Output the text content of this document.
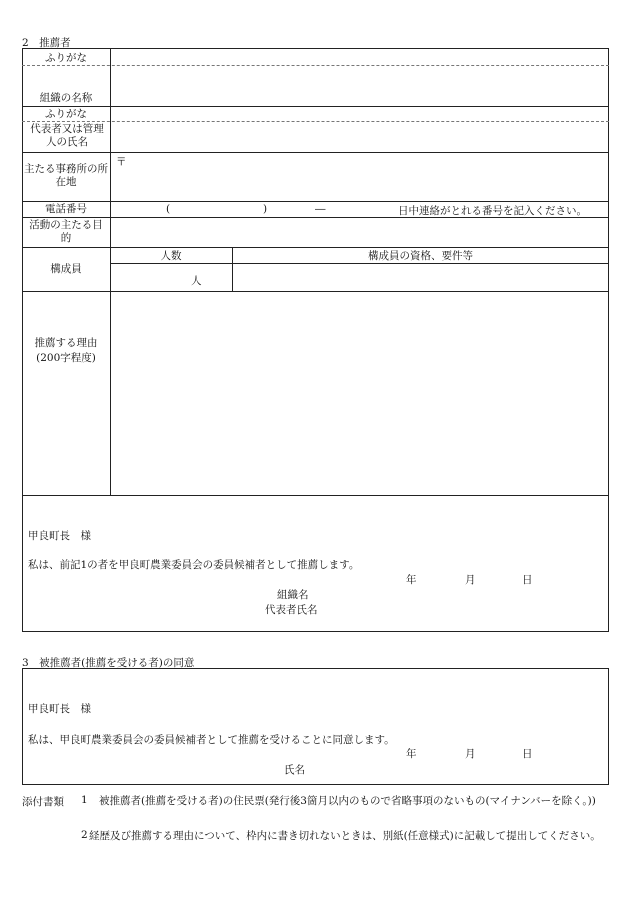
2　推薦者
ふりがな
組織の名称
ふりがな
代表者又は管理人の氏名
主たる事務所の所在地
〒
電話番号	(	)	―	日中連絡がとれる番号を記入ください。
活動の主たる目的
構成員
人数	構成員の資格、要件等
人
推薦する理由
(200字程度)
甲良町長　様
私は、前記1の者を甲良町農業委員会の委員候補者として推薦します。
年	月	日
組織名
代表者氏名
3　被推薦者(推薦を受ける者)の同意
甲良町長　様
私は、甲良町農業委員会の委員候補者として推薦を受けることに同意します。
年	月	日
氏名
添付書類 1 被推薦者(推薦を受ける者)の住民票(発行後3箇月以内のもので省略事項のないもの(マイナンバーを除く。))
2 経歴及び推薦する理由について、枠内に書き切れないときは、別紙(任意様式)に記載して提出してください。
